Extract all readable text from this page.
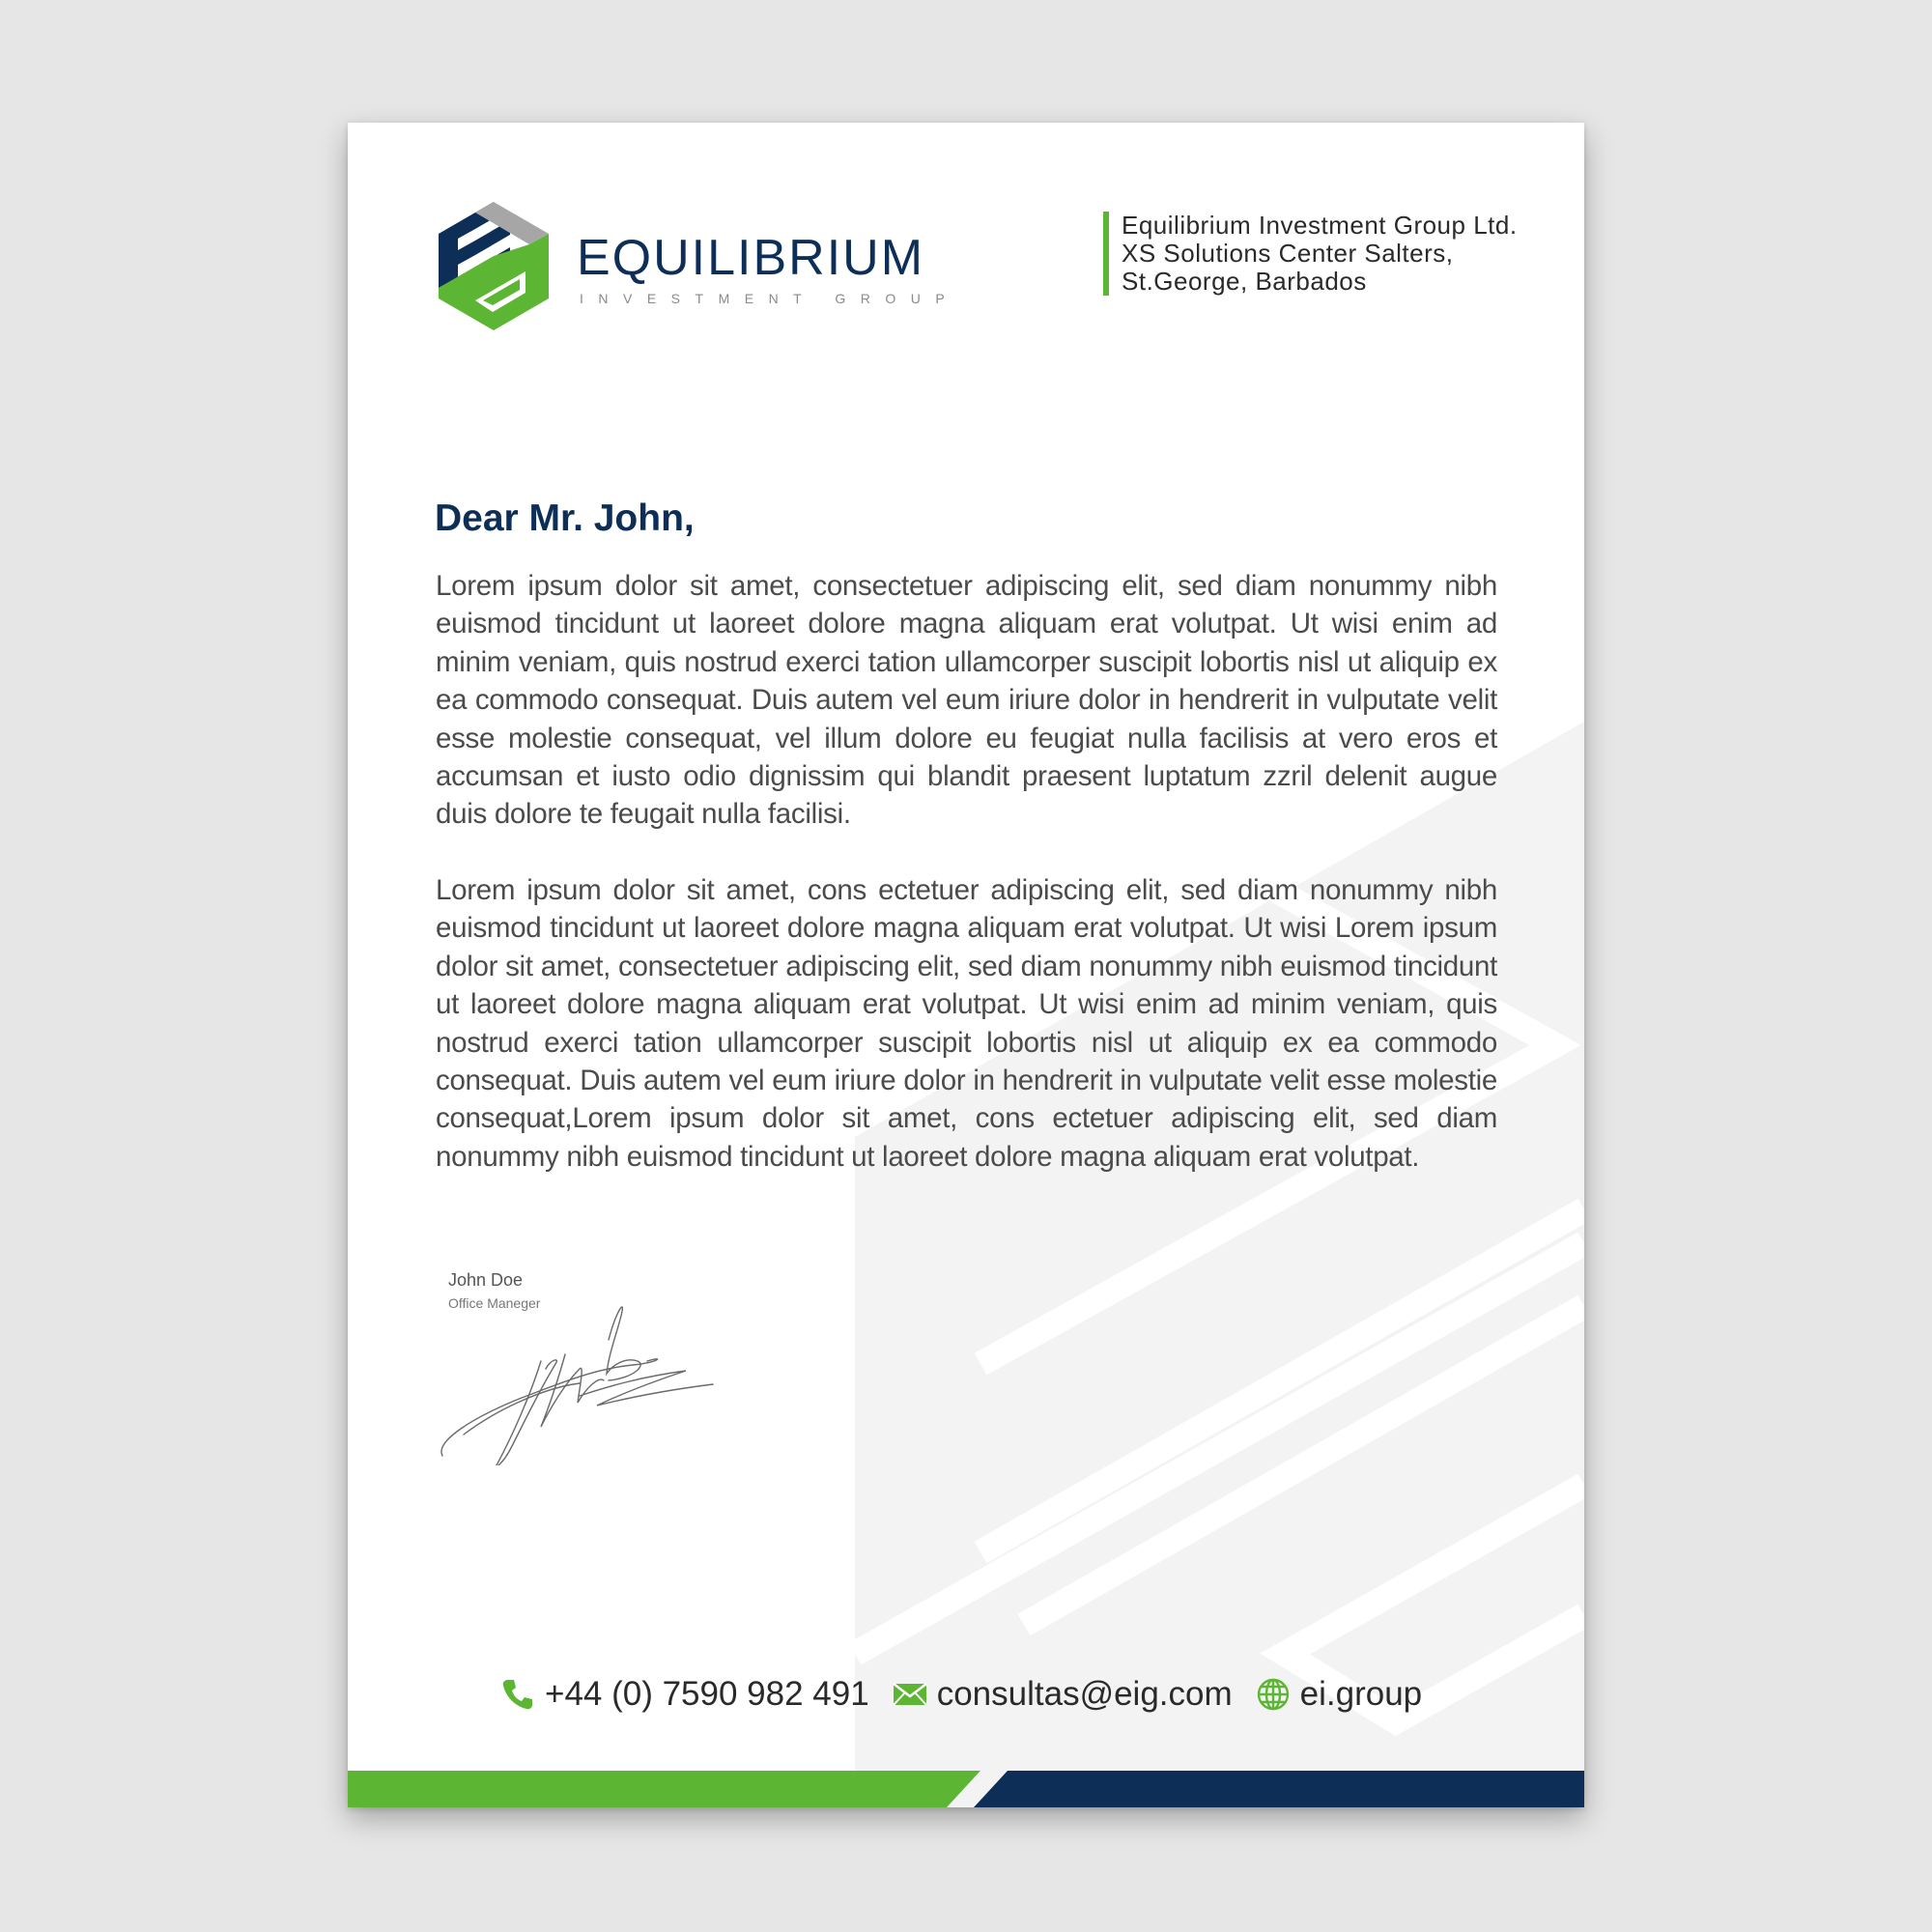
EQUILIBRIUM
INVESTMENT GROUP
Equilibrium Investment Group Ltd.
XS Solutions Center Salters,
St.George, Barbados
Dear Mr. John,
Lorem ipsum dolor sit amet, consectetuer adipiscing elit, sed diam nonummy nibh euismod tincidunt ut laoreet dolore magna aliquam erat volutpat. Ut wisi enim ad minim veniam, quis nostrud exerci tation ullamcorper suscipit lobortis nisl ut aliquip ex ea commodo consequat. Duis autem vel eum iriure dolor in hendrerit in vulputate velit esse molestie consequat, vel illum dolore eu feugiat nulla facilisis at vero eros et accumsan et iusto odio dignissim qui blandit praesent luptatum zzril delenit augue duis dolore te feugait nulla facilisi.
Lorem ipsum dolor sit amet, cons ectetuer adipiscing elit, sed diam nonummy nibh euismod tincidunt ut laoreet dolore magna aliquam erat volutpat. Ut wisi Lorem ipsum dolor sit amet, consectetuer adipiscing elit, sed diam nonummy nibh euismod tincidunt ut laoreet dolore magna aliquam erat volutpat. Ut wisi enim ad minim veniam, quis nostrud exerci tation ullamcorper suscipit lobortis nisl ut aliquip ex ea commodo consequat. Duis autem vel eum iriure dolor in hendrerit in vulputate velit esse molestie consequat,Lorem ipsum dolor sit amet, cons ectetuer adipiscing elit, sed diam nonummy nibh euismod tincidunt ut laoreet dolore magna aliquam erat volutpat.
John Doe
Office Maneger
+44 (0) 7590 982 491 consultas@eig.com ei.group
